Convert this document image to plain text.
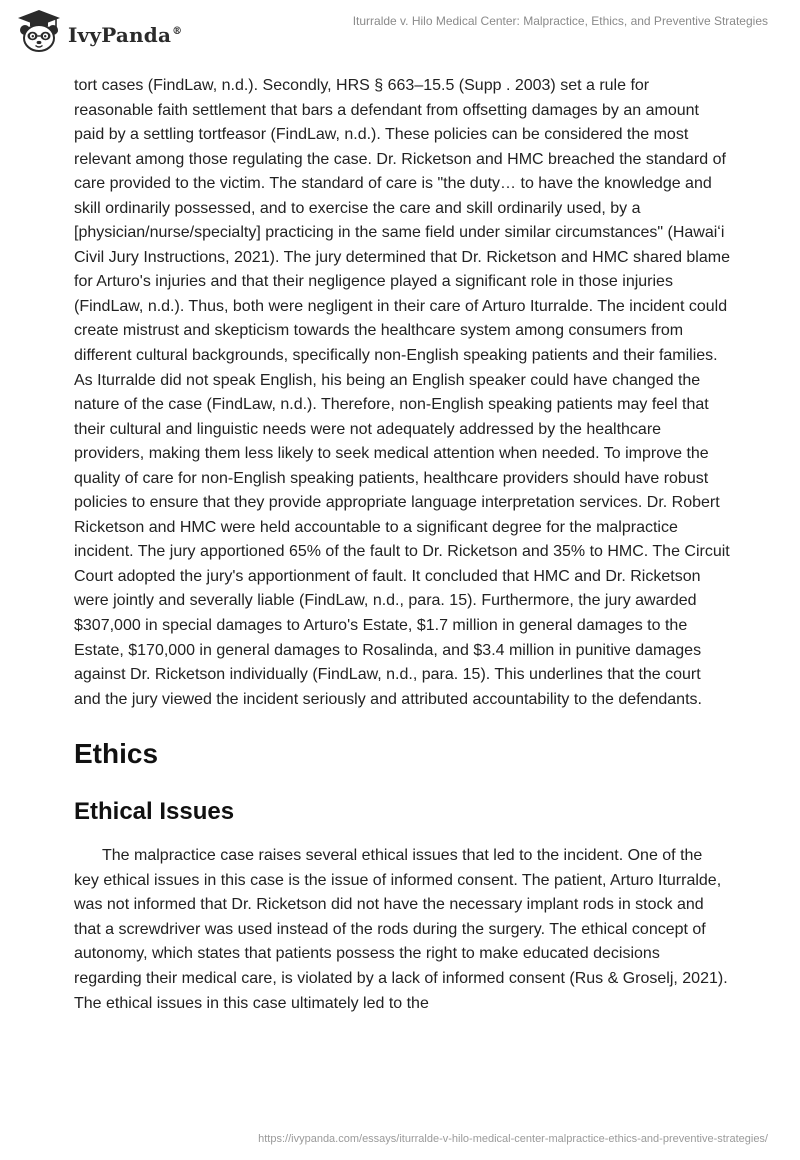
IvyPanda®
Iturralde v. Hilo Medical Center: Malpractice, Ethics, and Preventive Strategies

tort cases (FindLaw, n.d.). Secondly, HRS § 663–15.5 (Supp . 2003) set a rule for reasonable faith settlement that bars a defendant from offsetting damages by an amount paid by a settling tortfeasor (FindLaw, n.d.). These policies can be considered the most relevant among those regulating the case. Dr. Ricketson and HMC breached the standard of care provided to the victim. The standard of care is "the duty… to have the knowledge and skill ordinarily possessed, and to exercise the care and skill ordinarily used, by a [physician/nurse/specialty] practicing in the same field under similar circumstances" (Hawaiʻi Civil Jury Instructions, 2021). The jury determined that Dr. Ricketson and HMC shared blame for Arturo's injuries and that their negligence played a significant role in those injuries (FindLaw, n.d.). Thus, both were negligent in their care of Arturo Iturralde. The incident could create mistrust and skepticism towards the healthcare system among consumers from different cultural backgrounds, specifically non-English speaking patients and their families. As Iturralde did not speak English, his being an English speaker could have changed the nature of the case (FindLaw, n.d.). Therefore, non-English speaking patients may feel that their cultural and linguistic needs were not adequately addressed by the healthcare providers, making them less likely to seek medical attention when needed. To improve the quality of care for non-English speaking patients, healthcare providers should have robust policies to ensure that they provide appropriate language interpretation services. Dr. Robert Ricketson and HMC were held accountable to a significant degree for the malpractice incident. The jury apportioned 65% of the fault to Dr. Ricketson and 35% to HMC. The Circuit Court adopted the jury's apportionment of fault. It concluded that HMC and Dr. Ricketson were jointly and severally liable (FindLaw, n.d., para. 15). Furthermore, the jury awarded $307,000 in special damages to Arturo's Estate, $1.7 million in general damages to the Estate, $170,000 in general damages to Rosalinda, and $3.4 million in punitive damages against Dr. Ricketson individually (FindLaw, n.d., para. 15). This underlines that the court and the jury viewed the incident seriously and attributed accountability to the defendants.

Ethics
Ethical Issues

The malpractice case raises several ethical issues that led to the incident. One of the key ethical issues in this case is the issue of informed consent. The patient, Arturo Iturralde, was not informed that Dr. Ricketson did not have the necessary implant rods in stock and that a screwdriver was used instead of the rods during the surgery. The ethical concept of autonomy, which states that patients possess the right to make educated decisions regarding their medical care, is violated by a lack of informed consent (Rus & Groselj, 2021). The ethical issues in this case ultimately led to the

https://ivypanda.com/essays/iturralde-v-hilo-medical-center-malpractice-ethics-and-preventive-strategies/
